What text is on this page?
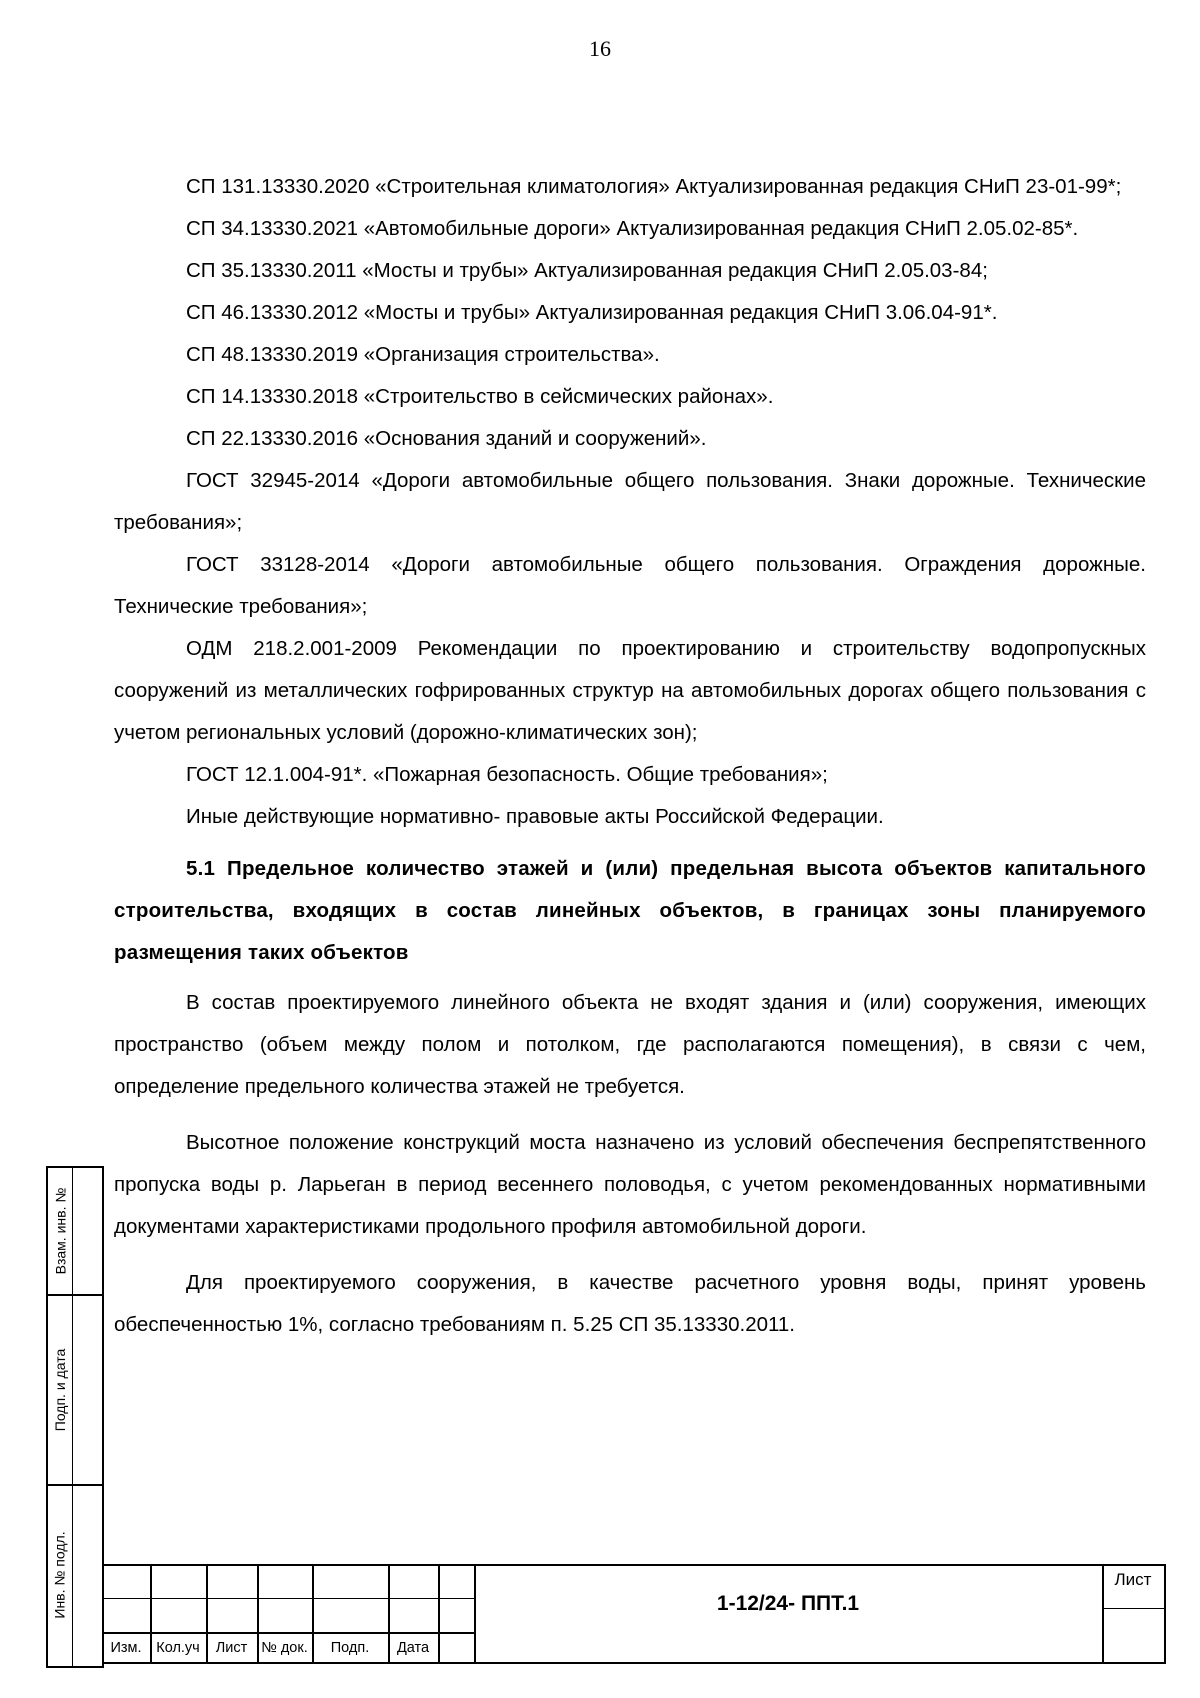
16

СП 131.13330.2020 «Строительная климатология» Актуализированная редакция СНиП 23-01-99*;

СП 34.13330.2021 «Автомобильные дороги» Актуализированная редакция СНиП 2.05.02-85*.

СП 35.13330.2011 «Мосты и трубы» Актуализированная редакция СНиП 2.05.03-84;

СП 46.13330.2012 «Мосты и трубы» Актуализированная редакция СНиП 3.06.04-91*.

СП 48.13330.2019 «Организация строительства».

СП 14.13330.2018 «Строительство в сейсмических районах».

СП 22.13330.2016 «Основания зданий и сооружений».

ГОСТ 32945-2014 «Дороги автомобильные общего пользования. Знаки дорожные. Технические требования»;

ГОСТ 33128-2014 «Дороги автомобильные общего пользования. Ограждения дорожные. Технические требования»;

ОДМ 218.2.001-2009 Рекомендации по проектированию и строительству водопропускных сооружений из металлических гофрированных структур на автомобильных дорогах общего пользования с учетом региональных условий (дорожно-климатических зон);

ГОСТ 12.1.004-91*. «Пожарная безопасность. Общие требования»;

Иные действующие нормативно- правовые акты Российской Федерации.

5.1 Предельное количество этажей и (или) предельная высота объектов капитального строительства, входящих в состав линейных объектов, в границах зоны планируемого размещения таких объектов

В состав проектируемого линейного объекта не входят здания и (или) сооружения, имеющих пространство (объем между полом и потолком, где располагаются помещения), в связи с чем, определение предельного количества этажей не требуется.

Высотное положение конструкций моста назначено из условий обеспечения беспрепятственного пропуска воды р. Ларьеган в период весеннего половодья, с учетом рекомендованных нормативными документами характеристиками продольного профиля автомобильной дороги.

Для проектируемого сооружения, в качестве расчетного уровня воды, принят уровень обеспеченностью 1%, согласно требованиям п. 5.25 СП 35.13330.2011.

Взам. инв. №
Подп. и дата
Инв. № подл.
Изм.	Кол.уч	Лист № док.	Подп.	Дата
1-12/24- ППТ.1
Лист
